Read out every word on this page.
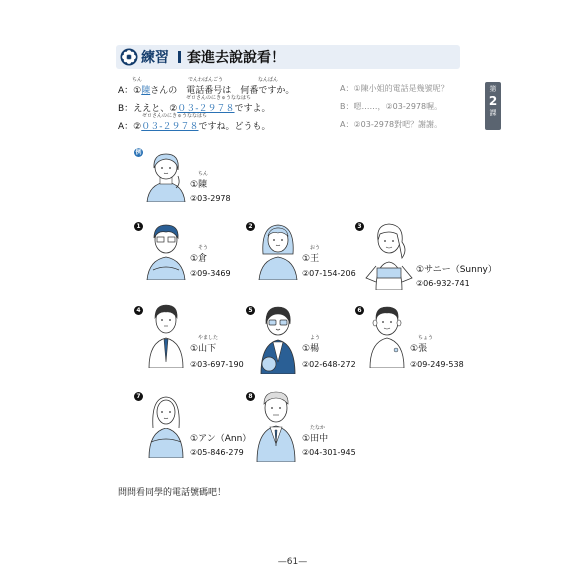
練習 套進去說說看！
第
2
課
ちん	でんわばんごう	なんばん
A：①陳さんの　電話番号は　何番ですか。	A：①陳小姐的電話是幾號呢？
ゼロさんのにきゅうななはち
B：ええと、②０３-２９７８ですよ。	B：嗯……，②03-2978喔。
ゼロさんのにきゅうななはち
A：②０３-２９７８ですね。どうも。	A：②03-2978對吧？謝謝。
例
ちん
①陳
②03-2978
1
そう
①倉
②09-3469
2
おう
①王
②07-154-206
3
①サニー（Sunny）
②06-932-741
4
やました
①山下
②03-697-190
5
よう
①楊
②02-648-272
6
ちょう
①張
②09-249-538
7
①アン（Ann）
②05-846-279
8
たなか
①田中
②04-301-945
問問看同學的電話號碼吧！
—61—
